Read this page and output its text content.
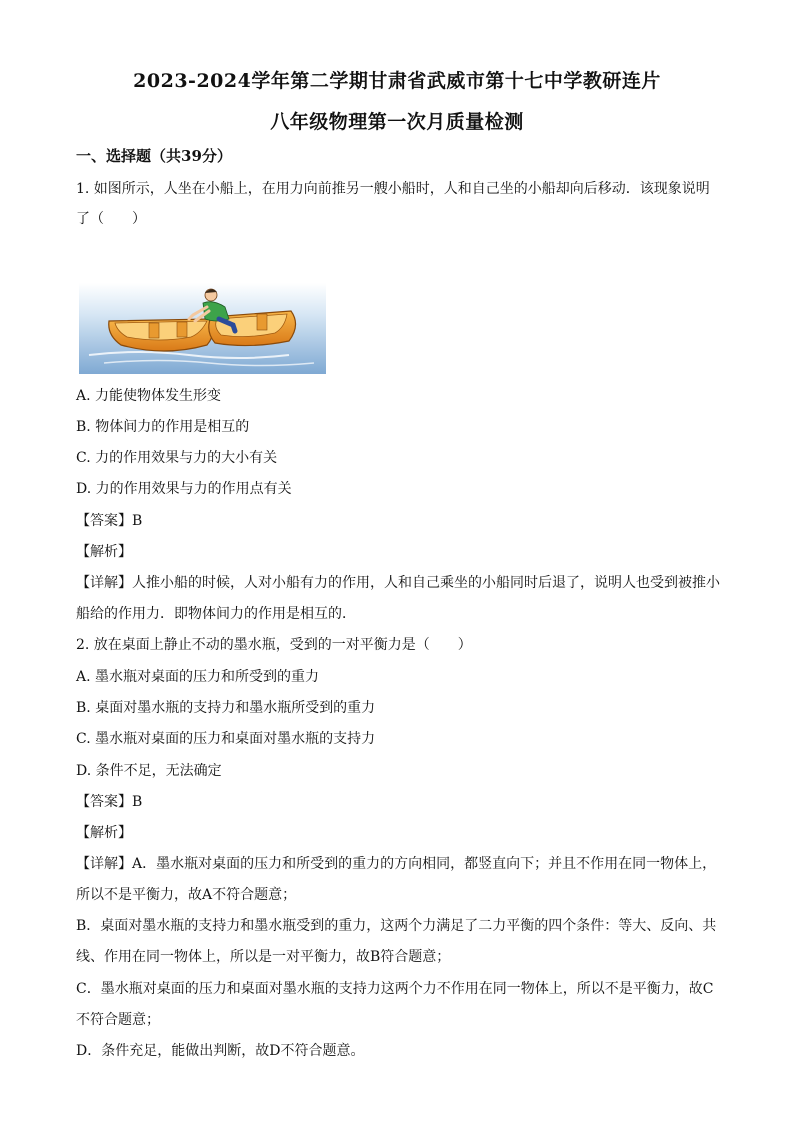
2023-2024学年第二学期甘肃省武威市第十七中学教研连片
八年级物理第一次月质量检测
一、选择题（共39分）
1. 如图所示，人坐在小船上，在用力向前推另一艘小船时，人和自己坐的小船却向后移动．该现象说明
了（　　）
A. 力能使物体发生形变
B. 物体间力的作用是相互的
C. 力的作用效果与力的大小有关
D. 力的作用效果与力的作用点有关
【答案】B
【解析】
【详解】人推小船的时候，人对小船有力的作用，人和自己乘坐的小船同时后退了，说明人也受到被推小
船给的作用力．即物体间力的作用是相互的．
2. 放在桌面上静止不动的墨水瓶，受到的一对平衡力是（　　）
A. 墨水瓶对桌面的压力和所受到的重力
B. 桌面对墨水瓶的支持力和墨水瓶所受到的重力
C. 墨水瓶对桌面的压力和桌面对墨水瓶的支持力
D. 条件不足，无法确定
【答案】B
【解析】
【详解】A．墨水瓶对桌面的压力和所受到的重力的方向相同，都竖直向下；并且不作用在同一物体上，
所以不是平衡力，故A不符合题意；
B．桌面对墨水瓶的支持力和墨水瓶受到的重力，这两个力满足了二力平衡的四个条件：等大、反向、共
线、作用在同一物体上，所以是一对平衡力，故B符合题意；
C．墨水瓶对桌面的压力和桌面对墨水瓶的支持力这两个力不作用在同一物体上，所以不是平衡力，故C
不符合题意；
D．条件充足，能做出判断，故D不符合题意。
